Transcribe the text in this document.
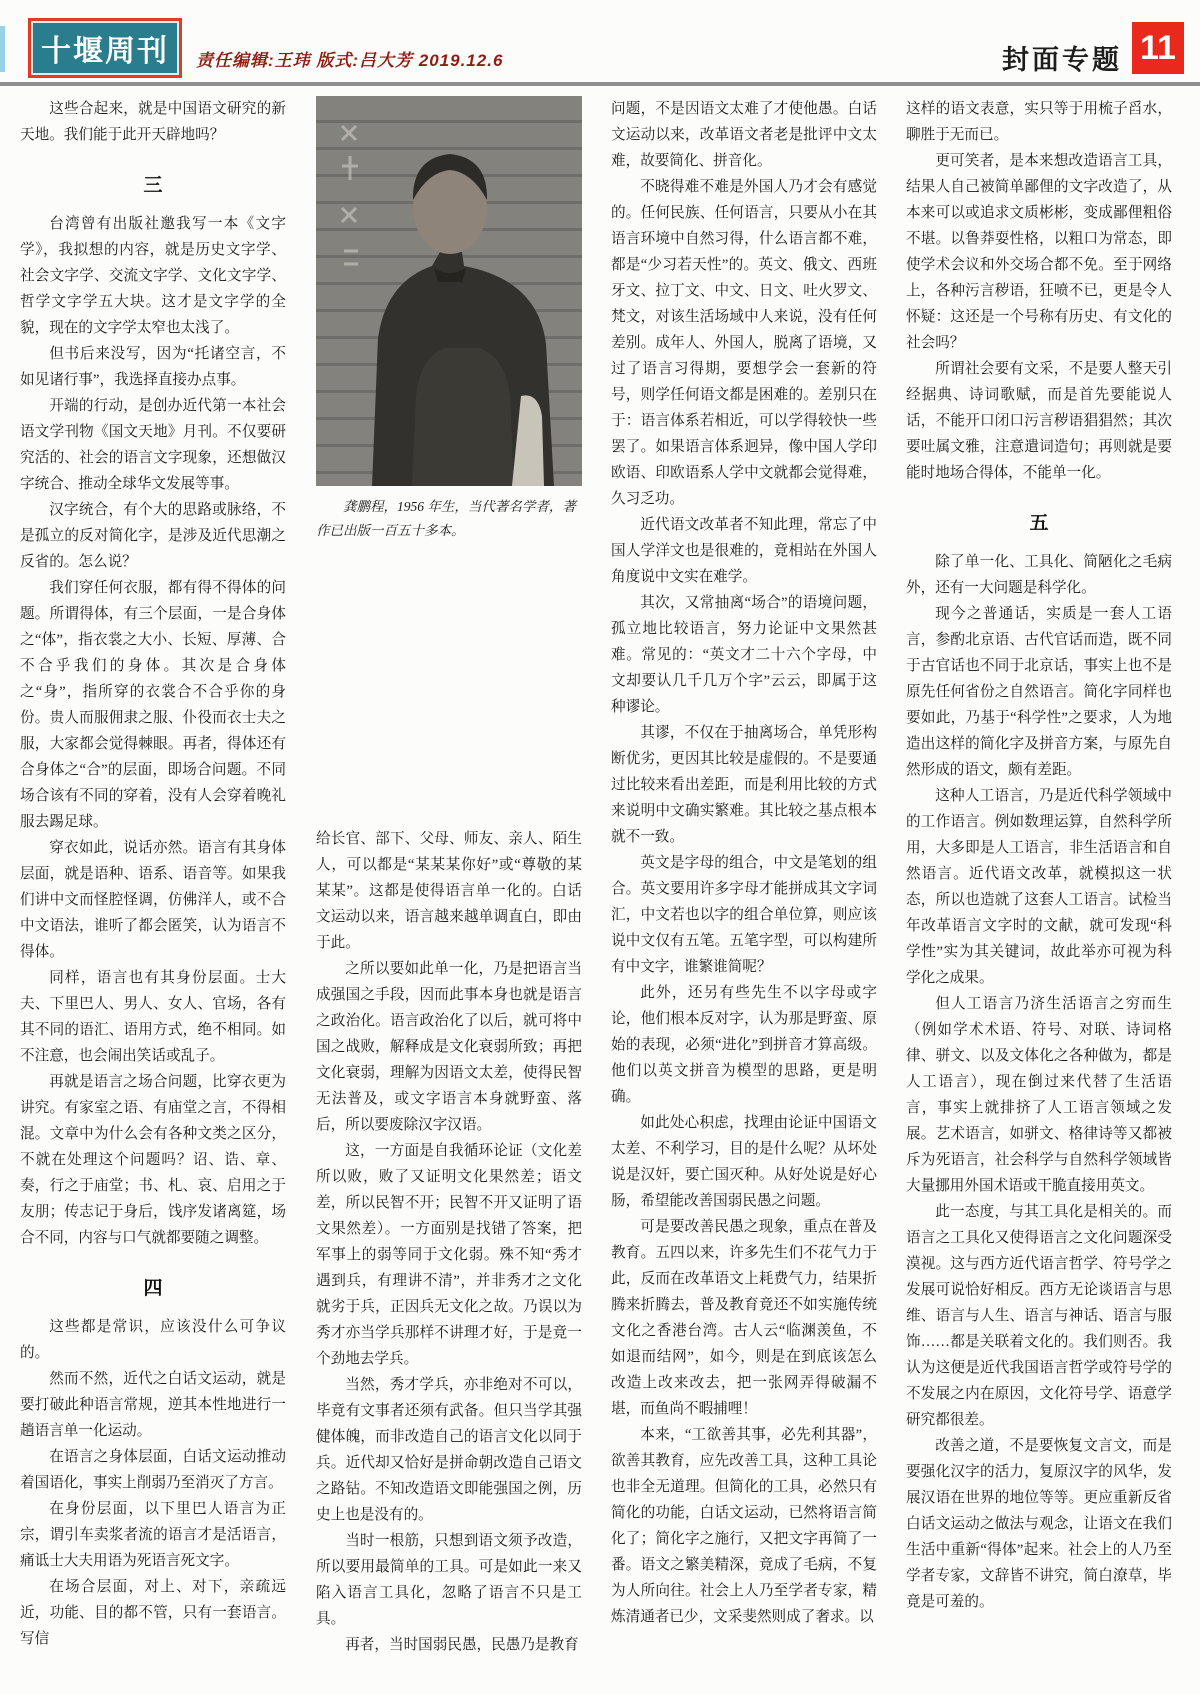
十堰周刊 责任编辑:王玮 版式:吕大芳 2019.12.6	封面专题 11

这些合起来，就是中国语文研究的新天地。我们能于此开天辟地吗？

三

台湾曾有出版社邀我写一本《文字学》，我拟想的内容，就是历史文字学、社会文字学、交流文字学、文化文字学、哲学文字学五大块。这才是文字学的全貌，现在的文字学太窄也太浅了。

但书后来没写，因为“托诸空言，不如见诸行事”，我选择直接办点事。

开端的行动，是创办近代第一本社会语文学刊物《国文天地》月刊。不仅要研究活的、社会的语言文字现象，还想做汉字统合、推动全球华文发展等事。

汉字统合，有个大的思路或脉络，不是孤立的反对简化字，是涉及近代思潮之反省的。怎么说？

我们穿任何衣服，都有得不得体的问题。所谓得体，有三个层面，一是合身体之“体”，指衣裳之大小、长短、厚薄、合不合乎我们的身体。其次是合身体之“身”，指所穿的衣裳合不合乎你的身份。贵人而服佣隶之服、仆役而衣士夫之服，大家都会觉得棘眼。再者，得体还有合身体之“合”的层面，即场合问题。不同场合该有不同的穿着，没有人会穿着晚礼服去踢足球。

穿衣如此，说话亦然。语言有其身体层面，就是语种、语系、语音等。如果我们讲中文而怪腔怪调，仿佛洋人，或不合中文语法，谁听了都会匿笑，认为语言不得体。

同样，语言也有其身份层面。士大夫、下里巴人、男人、女人、官场，各有其不同的语汇、语用方式，绝不相同。如不注意，也会闹出笑话或乱子。

再就是语言之场合问题，比穿衣更为讲究。有家室之语、有庙堂之言，不得相混。文章中为什么会有各种文类之区分，不就在处理这个问题吗？诏、诰、章、奏，行之于庙堂；书、札、哀、启用之于友朋；传志记于身后，饯序发诸离筵，场合不同，内容与口气就都要随之调整。

四

这些都是常识，应该没什么可争议的。

然而不然，近代之白话文运动，就是要打破此种语言常规，逆其本性地进行一趟语言单一化运动。

在语言之身体层面，白话文运动推动着国语化，事实上削弱乃至消灭了方言。

在身份层面，以下里巴人语言为正宗，谓引车卖浆者流的语言才是活语言，痛诋士大夫用语为死语言死文字。

在场合层面，对上、对下，亲疏远近，功能、目的都不管，只有一套语言。写信

龚鹏程，1956 年生，当代著名学者，著作已出版一百五十多本。

给长官、部下、父母、师友、亲人、陌生人，可以都是“某某某你好”或“尊敬的某某某”。这都是使得语言单一化的。白话文运动以来，语言越来越单调直白，即由于此。

之所以要如此单一化，乃是把语言当成强国之手段，因而此事本身也就是语言之政治化。语言政治化了以后，就可将中国之战败，解释成是文化衰弱所致；再把文化衰弱，理解为因语文太差，使得民智无法普及，或文字语言本身就野蛮、落后，所以要废除汉字汉语。

这，一方面是自我循环论证（文化差所以败，败了又证明文化果然差；语文差，所以民智不开；民智不开又证明了语文果然差）。一方面别是找错了答案，把军事上的弱等同于文化弱。殊不知“秀才遇到兵，有理讲不清”，并非秀才之文化就劣于兵，正因兵无文化之故。乃误以为秀才亦当学兵那样不讲理才好，于是竟一个劲地去学兵。

当然，秀才学兵，亦非绝对不可以，毕竟有文事者还须有武备。但只当学其强健体魄，而非改造自己的语言文化以同于兵。近代却又恰好是拼命朝改造自己语文之路钻。不知改造语文即能强国之例，历史上也是没有的。

当时一根筋，只想到语文须予改造，所以要用最简单的工具。可是如此一来又陷入语言工具化，忽略了语言不只是工具。

再者，当时国弱民愚，民愚乃是教育

问题，不是因语文太难了才使他愚。白话文运动以来，改革语文者老是批评中文太难，故要简化、拼音化。

不晓得难不难是外国人乃才会有感觉的。任何民族、任何语言，只要从小在其语言环境中自然习得，什么语言都不难，都是“少习若天性”的。英文、俄文、西班牙文、拉丁文、中文、日文、吐火罗文、梵文，对该生活场域中人来说，没有任何差别。成年人、外国人，脱离了语境，又过了语言习得期，要想学会一套新的符号，则学任何语文都是困难的。差别只在于：语言体系若相近，可以学得较快一些罢了。如果语言体系迥异，像中国人学印欧语、印欧语系人学中文就都会觉得难，久习乏功。

近代语文改革者不知此理，常忘了中国人学洋文也是很难的，竟相站在外国人角度说中文实在难学。

其次，又常抽离“场合”的语境问题，孤立地比较语言，努力论证中文果然甚难。常见的：“英文才二十六个字母，中文却要认几千几万个字”云云，即属于这种谬论。

其谬，不仅在于抽离场合，单凭形构断优劣，更因其比较是虚假的。不是要通过比较来看出差距，而是利用比较的方式来说明中文确实繁难。其比较之基点根本就不一致。

英文是字母的组合，中文是笔划的组合。英文要用许多字母才能拼成其文字词汇，中文若也以字的组合单位算，则应该说中文仅有五笔。五笔字型，可以构建所有中文字，谁繁谁简呢？

此外，还另有些先生不以字母或字论，他们根本反对字，认为那是野蛮、原始的表现，必须“进化”到拼音才算高级。他们以英文拼音为模型的思路，更是明确。

如此处心积虑，找理由论证中国语文太差、不利学习，目的是什么呢？从坏处说是汉奸，要亡国灭种。从好处说是好心肠，希望能改善国弱民愚之问题。

可是要改善民愚之现象，重点在普及教育。五四以来，许多先生们不花气力于此，反而在改革语文上耗费气力，结果折腾来折腾去，普及教育竟还不如实施传统文化之香港台湾。古人云“临渊羡鱼，不如退而结网”，如今，则是在到底该怎么改造上改来改去，把一张网弄得破漏不堪，而鱼尚不暇捕哩！

本来，“工欲善其事，必先利其器”，欲善其教育，应先改善工具，这种工具论也非全无道理。但简化的工具，必然只有简化的功能，白话文运动，已然将语言简化了；简化字之施行，又把文字再简了一番。语文之繁美精深，竟成了毛病，不复为人所向往。社会上人乃至学者专家，精炼清通者已少，文采斐然则成了奢求。以

这样的语文表意，实只等于用梳子舀水，聊胜于无而已。

更可笑者，是本来想改造语言工具，结果人自己被简单鄙俚的文字改造了，从本来可以或追求文质彬彬，变成鄙俚粗俗不堪。以鲁莽耍性格，以粗口为常态，即使学术会议和外交场合都不免。至于网络上，各种污言秽语，狂喷不已，更是令人怀疑：这还是一个号称有历史、有文化的社会吗？

所谓社会要有文采，不是要人整天引经据典、诗词歌赋，而是首先要能说人话，不能开口闭口污言秽语猖猖然；其次要吐属文雅，注意遣词造句；再则就是要能时地场合得体，不能单一化。

五

除了单一化、工具化、简陋化之毛病外，还有一大问题是科学化。

现今之普通话，实质是一套人工语言，参酌北京语、古代官话而造，既不同于古官话也不同于北京话，事实上也不是原先任何省份之自然语言。简化字同样也要如此，乃基于“科学性”之要求，人为地造出这样的简化字及拼音方案，与原先自然形成的语文，颇有差距。

这种人工语言，乃是近代科学领域中的工作语言。例如数理运算，自然科学所用，大多即是人工语言，非生活语言和自然语言。近代语文改革，就模拟这一状态，所以也造就了这套人工语言。试检当年改革语言文字时的文献，就可发现“科学性”实为其关键词，故此举亦可视为科学化之成果。

但人工语言乃济生活语言之穷而生（例如学术术语、符号、对联、诗词格律、骈文、以及文体化之各种做为，都是人工语言），现在倒过来代替了生活语言，事实上就排挤了人工语言领域之发展。艺术语言，如骈文、格律诗等又都被斥为死语言，社会科学与自然科学领域皆大量挪用外国术语或干脆直接用英文。

此一态度，与其工具化是相关的。而语言之工具化又使得语言之文化问题深受漠视。这与西方近代语言哲学、符号学之发展可说恰好相反。西方无论谈语言与思维、语言与人生、语言与神话、语言与服饰……都是关联着文化的。我们则否。我认为这便是近代我国语言哲学或符号学的不发展之内在原因，文化符号学、语意学研究都很差。

改善之道，不是要恢复文言文，而是要强化汉字的活力，复原汉字的风华，发展汉语在世界的地位等等。更应重新反省白话文运动之做法与观念，让语文在我们生活中重新“得体”起来。社会上的人乃至学者专家，文辞皆不讲究，简白潦草，毕竟是可羞的。
